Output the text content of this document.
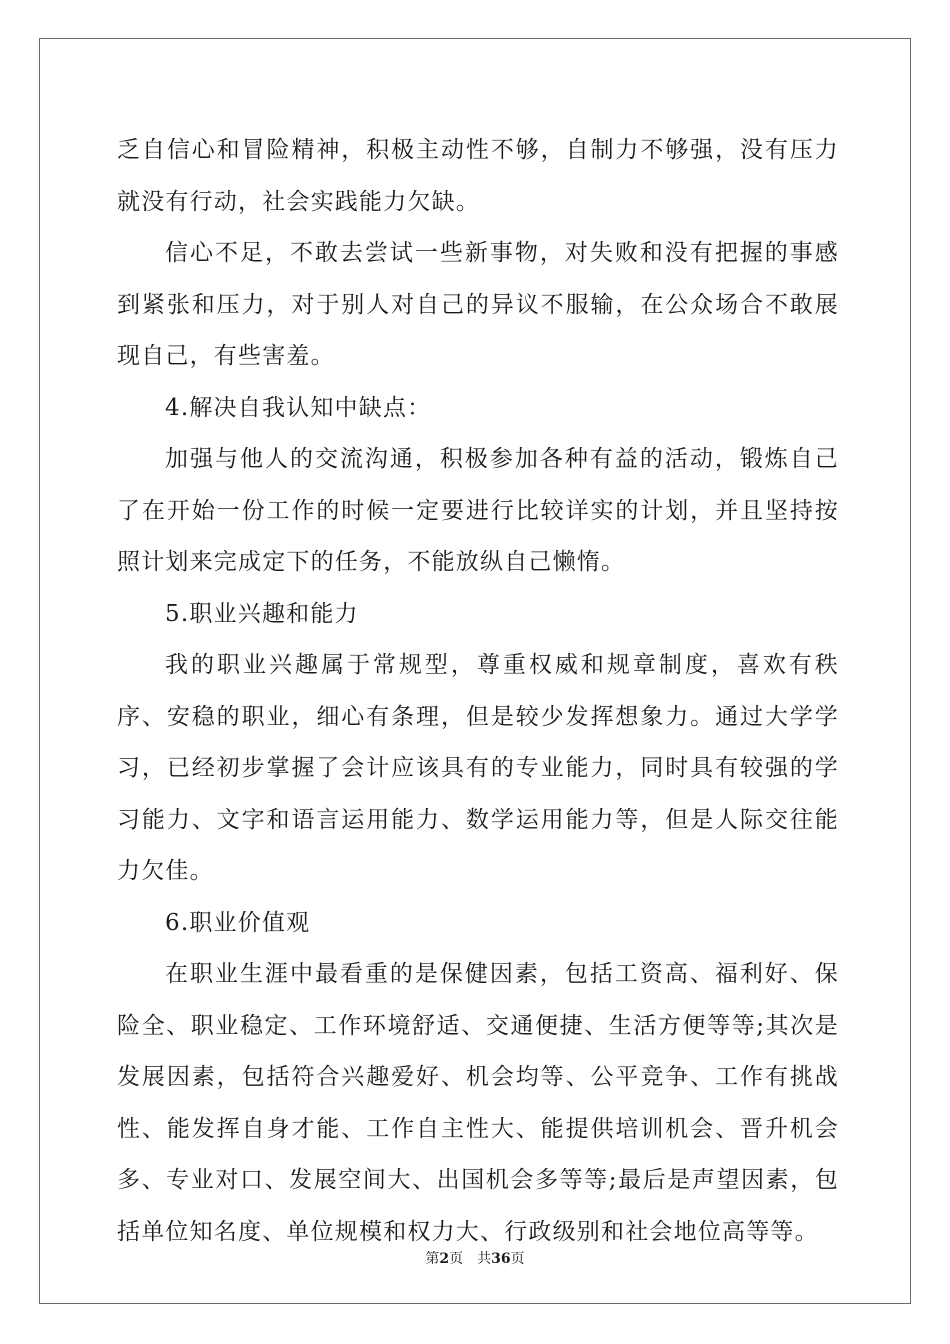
乏自信心和冒险精神，积极主动性不够，自制力不够强，没有压力就没有行动，社会实践能力欠缺。

信心不足，不敢去尝试一些新事物，对失败和没有把握的事感到紧张和压力，对于别人对自己的异议不服输，在公众场合不敢展现自己，有些害羞。

4.解决自我认知中缺点：

加强与他人的交流沟通，积极参加各种有益的活动，锻炼自己了在开始一份工作的时候一定要进行比较详实的计划，并且坚持按照计划来完成定下的任务，不能放纵自己懒惰。

5.职业兴趣和能力

我的职业兴趣属于常规型，尊重权威和规章制度，喜欢有秩序、安稳的职业，细心有条理，但是较少发挥想象力。通过大学学习，已经初步掌握了会计应该具有的专业能力，同时具有较强的学习能力、文字和语言运用能力、数学运用能力等，但是人际交往能力欠佳。

6.职业价值观

在职业生涯中最看重的是保健因素，包括工资高、福利好、保险全、职业稳定、工作环境舒适、交通便捷、生活方便等等;其次是发展因素，包括符合兴趣爱好、机会均等、公平竞争、工作有挑战性、能发挥自身才能、工作自主性大、能提供培训机会、晋升机会多、专业对口、发展空间大、出国机会多等等;最后是声望因素，包括单位知名度、单位规模和权力大、行政级别和社会地位高等等。

第2页 共36页
